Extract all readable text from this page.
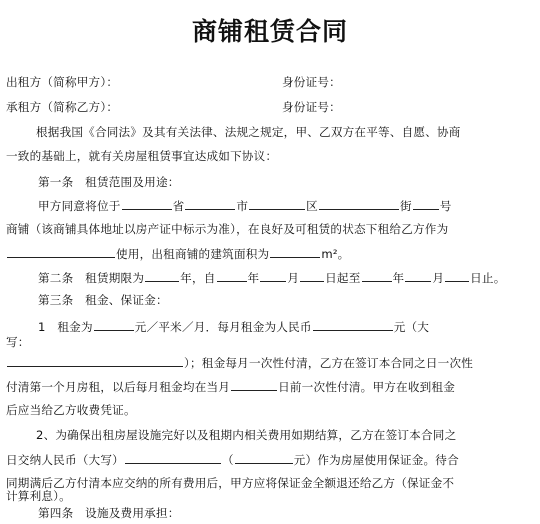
商铺租赁合同
出租方（简称甲方）：	身份证号：
承租方（简称乙方）：	身份证号：
根据我国《合同法》及其有关法律、法规之规定，甲、乙双方在平等、自愿、协商
一致的基础上，就有关房屋租赁事宜达成如下协议：
第一条　租赁范围及用途：
甲方同意将位于	省	市	区	街 号
商铺（该商铺具体地址以房产证中标示为准），在良好及可租赁的状态下租给乙方作为
使用，出租商铺的建筑面积为	m²。
第二条　租赁期限为	年，自	年 月 日起至	年 月 日止。
第三条　租金、保证金：
1　租金为	元／平米／月．每月租金为人民币	元（大
写：
）；租金每月一次性付清，乙方在签订本合同之日一次性
付清第一个月房租，以后每月租金均在当月	日前一次性付清。甲方在收到租金
后应当给乙方收费凭证。
2、为确保出租房屋设施完好以及租期内相关费用如期结算，乙方在签订本合同之
日交纳人民币（大写）	（	元）作为房屋使用保证金。待合
同期满后乙方付清本应交纳的所有费用后，甲方应将保证金全额退还给乙方（保证金不
计算利息）。
第四条　设施及费用承担：
